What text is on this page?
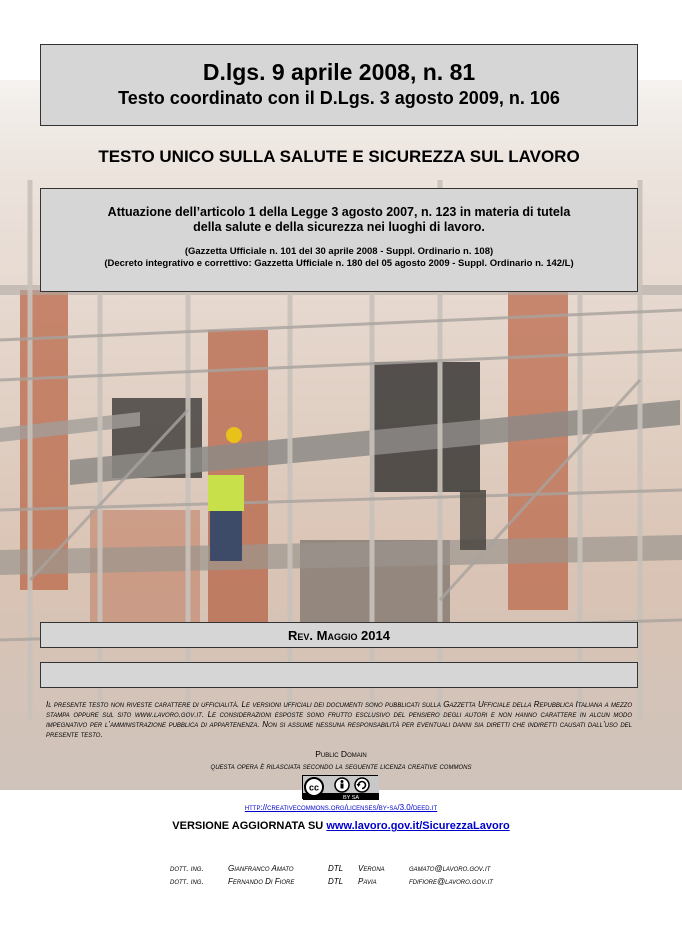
D.lgs. 9 aprile 2008, n. 81
Testo coordinato con il D.Lgs. 3 agosto 2009, n. 106
TESTO UNICO SULLA SALUTE E SICUREZZA SUL LAVORO
Attuazione dell’articolo 1 della Legge 3 agosto 2007, n. 123 in materia di tutela
della salute e della sicurezza nei luoghi di lavoro.
(Gazzetta Ufficiale n. 101 del 30 aprile 2008 - Suppl. Ordinario n. 108)
(Decreto integrativo e correttivo: Gazzetta Ufficiale n. 180 del 05 agosto 2009 - Suppl. Ordinario n. 142/L)
Rev. Maggio 2014
Il presente testo non riveste carattere di ufficialità. Le versioni ufficiali dei documenti sono pubblicati sulla Gazzetta Ufficiale della Repubblica Italiana a mezzo stampa oppure sul sito www.lavoro.gov.it. Le considerazioni esposte sono frutto esclusivo del pensiero degli autori e non hanno carattere in alcun modo impegnativo per l’amministrazione pubblica di appartenenza. Non si assume nessuna responsabilità per eventuali danni sia diretti che indiretti causati dall’uso del presente testo.
Public Domain
questa opera è rilasciata secondo la seguente licenza creative commons
cc
BY SA
http://creativecommons.org/licenses/by-sa/3.0/deed.it
VERSIONE AGGIORNATA SU www.lavoro.gov.it/SicurezzaLavoro
dott. ing.	Gianfranco Amato	DTL Verona	gamato@lavoro.gov.it
dott. ing.	Fernando Di Fiore	DTL Pavia	fdifiore@lavoro.gov.it
